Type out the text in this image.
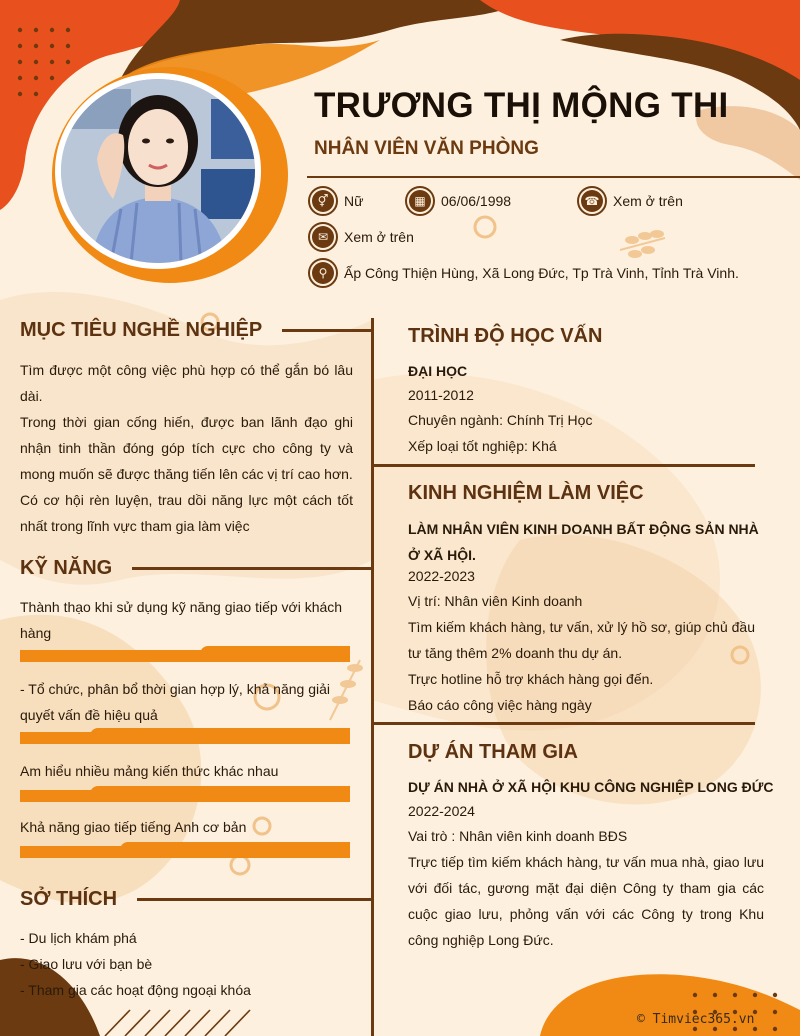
TRƯƠNG THỊ MỘNG THI
NHÂN VIÊN VĂN PHÒNG
⚥	Nữ	▦	06/06/1998	☎ Xem ở trên
✉	Xem ở trên
⚲	Ấp Công Thiện Hùng, Xã Long Đức, Tp Trà Vinh, Tỉnh Trà Vinh.
MỤC TIÊU NGHỀ NGHIỆP
Tìm được một công việc phù hợp có thể gắn bó lâu dài.
Trong thời gian cống hiến, được ban lãnh đạo ghi nhận tinh thần đóng góp tích cực cho công ty và mong muốn sẽ được thăng tiến lên các vị trí cao hơn.
Có cơ hội rèn luyện, trau dồi năng lực một cách tốt nhất trong lĩnh vực tham gia làm việc
KỸ NĂNG
Thành thạo khi sử dụng kỹ năng giao tiếp với khách hàng
- Tổ chức, phân bổ thời gian hợp lý, khả năng giải quyết vấn đề hiệu quả
Am hiểu nhiều mảng kiến thức khác nhau
Khả năng giao tiếp tiếng Anh cơ bản
SỞ THÍCH
- Du lịch khám phá
- Giao lưu với bạn bè
- Tham gia các hoạt động ngoại khóa
TRÌNH ĐỘ HỌC VẤN
ĐẠI HỌC
2011-2012
Chuyên ngành: Chính Trị Học
Xếp loại tốt nghiệp: Khá
KINH NGHIỆM LÀM VIỆC
LÀM NHÂN VIÊN KINH DOANH BẤT ĐỘNG SẢN NHÀ Ở XÃ HỘI.
2022-2023
Vị trí: Nhân viên Kinh doanh
Tìm kiếm khách hàng, tư vấn, xử lý hồ sơ, giúp chủ đầu tư tăng thêm 2% doanh thu dự án.
Trực hotline hỗ trợ khách hàng gọi đến.
Báo cáo công việc hàng ngày
DỰ ÁN THAM GIA
DỰ ÁN NHÀ Ở XÃ HỘI KHU CÔNG NGHIỆP LONG ĐỨC
2022-2024
Vai trò : Nhân viên kinh doanh BĐS
Trực tiếp tìm kiếm khách hàng, tư vấn mua nhà, giao lưu với đối tác, gương mặt đại diện Công ty tham gia các cuộc giao lưu, phỏng vấn với các Công ty trong Khu công nghiệp Long Đức.
© Timviec365.vn
